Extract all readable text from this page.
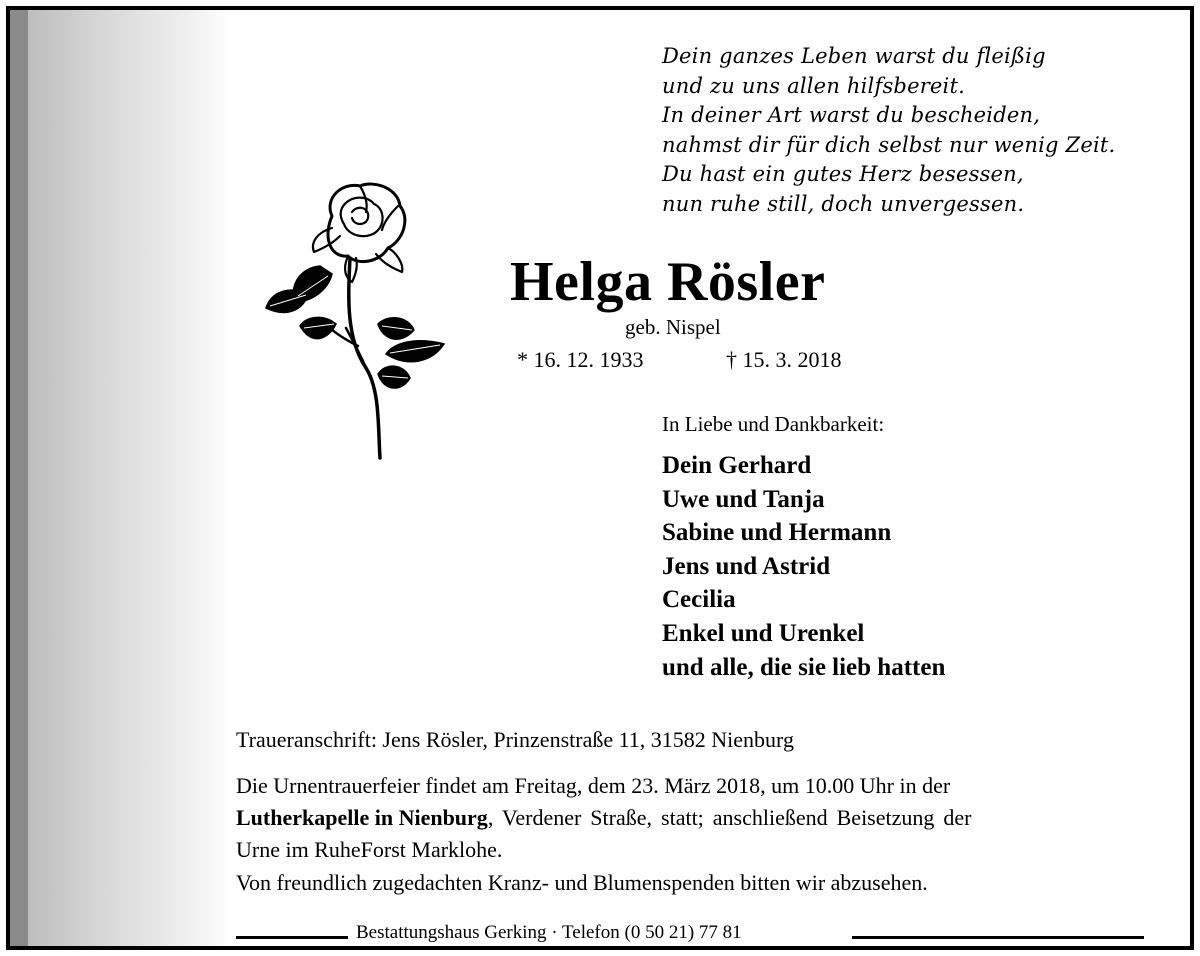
Dein ganzes Leben warst du fleißig
und zu uns allen hilfsbereit.
In deiner Art warst du bescheiden,
nahmst dir für dich selbst nur wenig Zeit.
Du hast ein gutes Herz besessen,
nun ruhe still, doch unvergessen.
Helga Rösler
geb. Nispel
* 16. 12. 1933	† 15. 3. 2018
In Liebe und Dankbarkeit:
Dein Gerhard
Uwe und Tanja
Sabine und Hermann
Jens und Astrid
Cecilia
Enkel und Urenkel
und alle, die sie lieb hatten
Traueranschrift: Jens Rösler, Prinzenstraße 11, 31582 Nienburg
Die Urnentrauerfeier findet am Freitag, dem 23. März 2018, um 10.00 Uhr in der
Lutherkapelle in Nienburg , Verdener Straße, statt; anschließend Beisetzung der
Urne im RuheForst Marklohe.
Von freundlich zugedachten Kranz- und Blumenspenden bitten wir abzusehen.
Bestattungshaus Gerking · Telefon (0 50 21) 77 81
